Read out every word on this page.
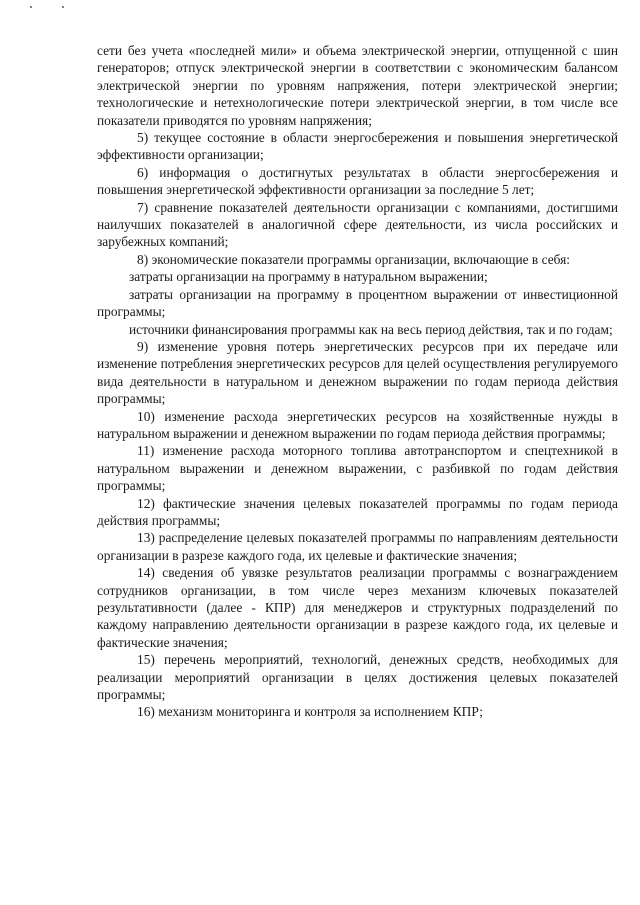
сети без учета «последней мили» и объема электрической энергии, отпущенной с шин генераторов; отпуск электрической энергии в соответствии с экономическим балансом электрической энергии по уровням напряжения, потери электрической энергии; технологические и нетехнологические потери электрической энергии, в том числе все показатели приводятся по уровням напряжения;

5) текущее состояние в области энергосбережения и повышения энергетической эффективности организации;

6) информация о достигнутых результатах в области энергосбережения и повышения энергетической эффективности организации за последние 5 лет;

7) сравнение показателей деятельности организации с компаниями, достигшими наилучших показателей в аналогичной сфере деятельности, из числа российских и зарубежных компаний;

8) экономические показатели программы организации, включающие в себя:

затраты организации на программу в натуральном выражении;

затраты организации на программу в процентном выражении от инвестиционной программы;

источники финансирования программы как на весь период действия, так и по годам;

9) изменение уровня потерь энергетических ресурсов при их передаче или изменение потребления энергетических ресурсов для целей осуществления регулируемого вида деятельности в натуральном и денежном выражении по годам периода действия программы;

10) изменение расхода энергетических ресурсов на хозяйственные нужды в натуральном выражении и денежном выражении по годам периода действия программы;

11) изменение расхода моторного топлива автотранспортом и спецтехникой в натуральном выражении и денежном выражении, с разбивкой по годам действия программы;

12) фактические значения целевых показателей программы по годам периода действия программы;

13) распределение целевых показателей программы по направлениям деятельности организации в разрезе каждого года, их целевые и фактические значения;

14) сведения об увязке результатов реализации программы с вознаграждением сотрудников организации, в том числе через механизм ключевых показателей результативности (далее - КПР) для менеджеров и структурных подразделений по каждому направлению деятельности организации в разрезе каждого года, их целевые и фактические значения;

15) перечень мероприятий, технологий, денежных средств, необходимых для реализации мероприятий организации в целях достижения целевых показателей программы;

16) механизм мониторинга и контроля за исполнением КПР;
